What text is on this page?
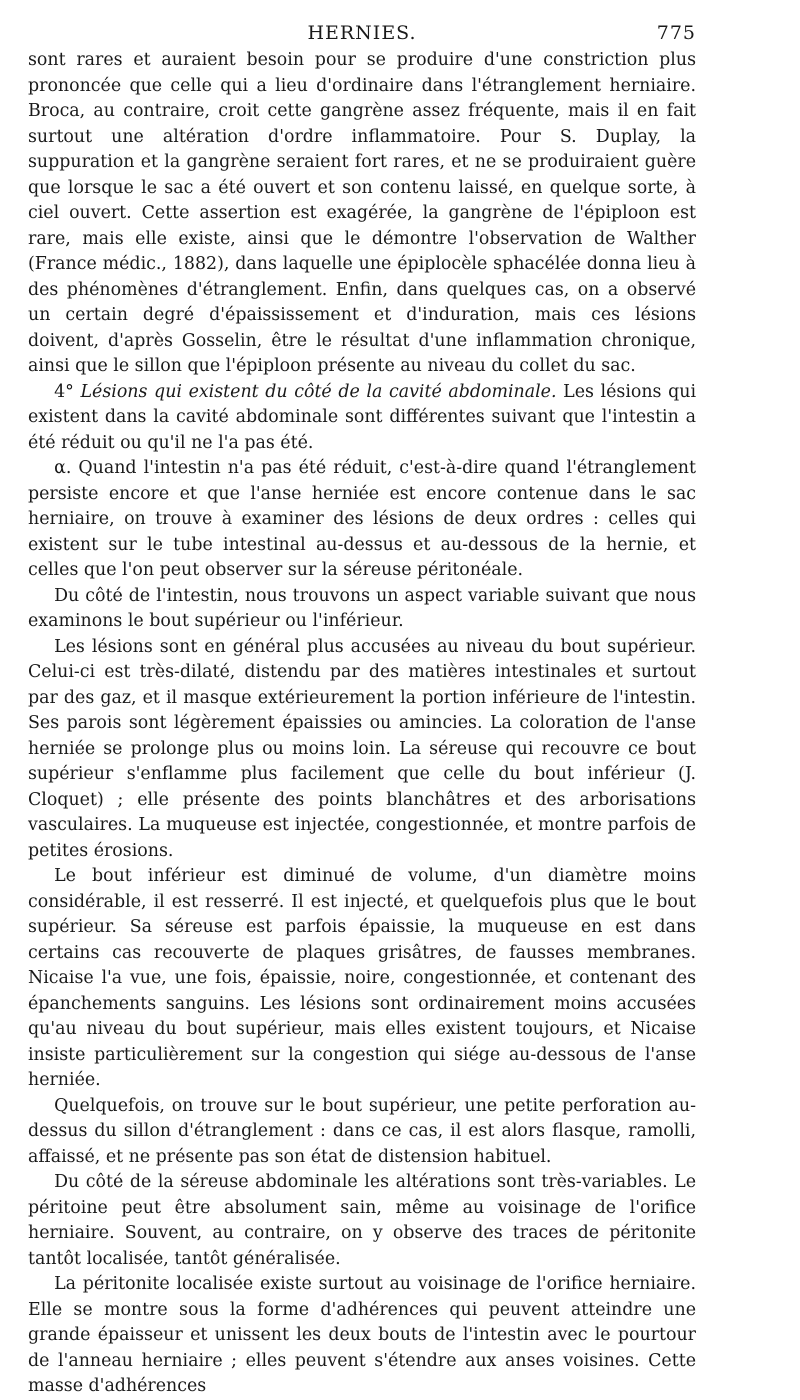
HERNIES.	775

sont rares et auraient besoin pour se produire d'une constriction plus prononcée que celle qui a lieu d'ordinaire dans l'étranglement herniaire. Broca, au contraire, croit cette gangrène assez fréquente, mais il en fait surtout une altération d'ordre inflammatoire. Pour S. Duplay, la suppuration et la gangrène seraient fort rares, et ne se produiraient guère que lorsque le sac a été ouvert et son contenu laissé, en quelque sorte, à ciel ouvert. Cette assertion est exagérée, la gangrène de l'épiploon est rare, mais elle existe, ainsi que le démontre l'observation de Walther (France médic., 1882), dans laquelle une épiplocèle sphacélée donna lieu à des phénomènes d'étranglement. Enfin, dans quelques cas, on a observé un certain degré d'épaississement et d'induration, mais ces lésions doivent, d'après Gosselin, être le résultat d'une inflammation chronique, ainsi que le sillon que l'épiploon présente au niveau du collet du sac.

4° Lésions qui existent du côté de la cavité abdominale. Les lésions qui existent dans la cavité abdominale sont différentes suivant que l'intestin a été réduit ou qu'il ne l'a pas été.

α. Quand l'intestin n'a pas été réduit, c'est-à-dire quand l'étranglement persiste encore et que l'anse herniée est encore contenue dans le sac herniaire, on trouve à examiner des lésions de deux ordres : celles qui existent sur le tube intestinal au-dessus et au-dessous de la hernie, et celles que l'on peut observer sur la séreuse péritonéale.

Du côté de l'intestin, nous trouvons un aspect variable suivant que nous examinons le bout supérieur ou l'inférieur.

Les lésions sont en général plus accusées au niveau du bout supérieur. Celui-ci est très-dilaté, distendu par des matières intestinales et surtout par des gaz, et il masque extérieurement la portion inférieure de l'intestin. Ses parois sont légèrement épaissies ou amincies. La coloration de l'anse herniée se prolonge plus ou moins loin. La séreuse qui recouvre ce bout supérieur s'enflamme plus facilement que celle du bout inférieur (J. Cloquet) ; elle présente des points blanchâtres et des arborisations vasculaires. La muqueuse est injectée, congestionnée, et montre parfois de petites érosions.

Le bout inférieur est diminué de volume, d'un diamètre moins considérable, il est resserré. Il est injecté, et quelquefois plus que le bout supérieur. Sa séreuse est parfois épaissie, la muqueuse en est dans certains cas recouverte de plaques grisâtres, de fausses membranes. Nicaise l'a vue, une fois, épaissie, noire, congestionnée, et contenant des épanchements sanguins. Les lésions sont ordinairement moins accusées qu'au niveau du bout supérieur, mais elles existent toujours, et Nicaise insiste particulièrement sur la congestion qui siége au-dessous de l'anse herniée.

Quelquefois, on trouve sur le bout supérieur, une petite perforation au-dessus du sillon d'étranglement : dans ce cas, il est alors flasque, ramolli, affaissé, et ne présente pas son état de distension habituel.

Du côté de la séreuse abdominale les altérations sont très-variables. Le péritoine peut être absolument sain, même au voisinage de l'orifice herniaire. Souvent, au contraire, on y observe des traces de péritonite tantôt localisée, tantôt généralisée.

La péritonite localisée existe surtout au voisinage de l'orifice herniaire. Elle se montre sous la forme d'adhérences qui peuvent atteindre une grande épaisseur et unissent les deux bouts de l'intestin avec le pourtour de l'anneau herniaire ; elles peuvent s'étendre aux anses voisines. Cette masse d'adhérences
